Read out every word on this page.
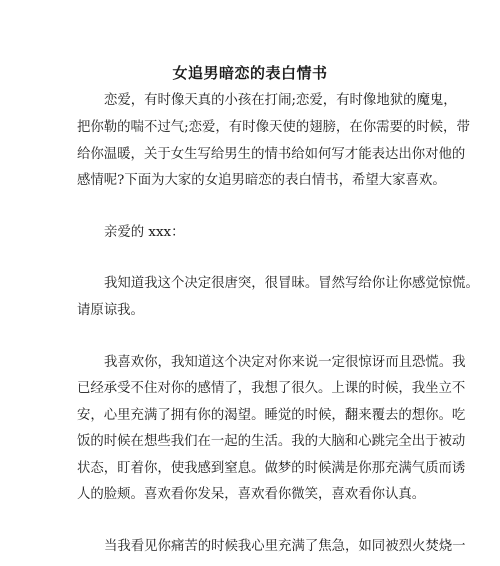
女追男暗恋的表白情书
恋爱，有时像天真的小孩在打闹;恋爱，有时像地狱的魔鬼，
把你勒的喘不过气;恋爱，有时像天使的翅膀，在你需要的时候，带
给你温暖，关于女生写给男生的情书给如何写才能表达出你对他的
感情呢?下面为大家的女追男暗恋的表白情书，希望大家喜欢。
亲爱的 xxx：
我知道我这个决定很唐突，很冒昧。冒然写给你让你感觉惊慌。
请原谅我。
我喜欢你，我知道这个决定对你来说一定很惊讶而且恐慌。我
已经承受不住对你的感情了，我想了很久。上课的时候，我坐立不
安，心里充满了拥有你的渴望。睡觉的时候，翻来覆去的想你。吃
饭的时候在想些我们在一起的生活。我的大脑和心跳完全出于被动
状态，盯着你，使我感到窒息。做梦的时候满是你那充满气质而诱
人的脸颊。喜欢看你发呆，喜欢看你微笑，喜欢看你认真。
当我看见你痛苦的时候我心里充满了焦急，如同被烈火焚烧一
